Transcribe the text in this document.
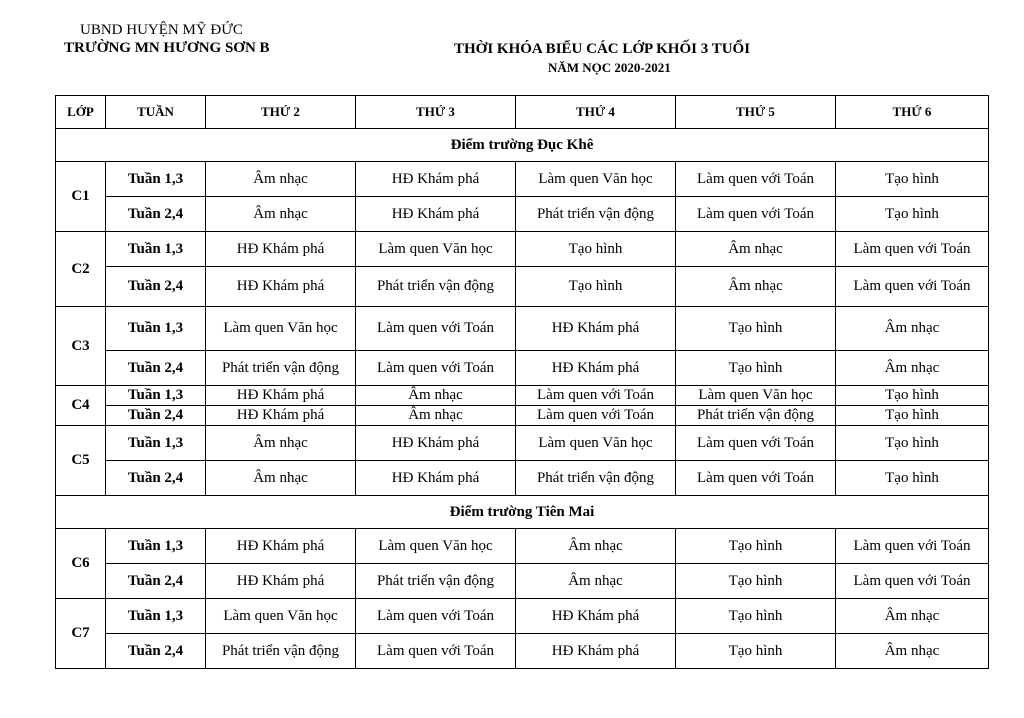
UBND HUYỆN MỸ ĐỨC
TRƯỜNG MN HƯƠNG SƠN B	THỜI KHÓA BIỂU CÁC LỚP KHỐI 3 TUỔI
NĂM NỌC 2020-2021
LỚP	TUẦN	THỨ 2	THỨ 3	THỨ 4	THỨ 5	THỨ 6
Điểm trường Đục Khê						
C1	Tuần 1,3	Âm nhạc	HĐ Khám phá	Làm quen Văn học	Làm quen với Toán	Tạo hình
	Tuần 2,4	Âm nhạc	HĐ Khám phá	Phát triển vận động	Làm quen với Toán	Tạo hình
C2	Tuần 1,3	HĐ Khám phá	Làm quen Văn học	Tạo hình	Âm nhạc	Làm quen với Toán
	Tuần 2,4	HĐ Khám phá	Phát triển vận động	Tạo hình	Âm nhạc	Làm quen với Toán
C3	Tuần 1,3	Làm quen Văn học	Làm quen với Toán	HĐ Khám phá	Tạo hình	Âm nhạc
	Tuần 2,4	Phát triển vận động	Làm quen với Toán	HĐ Khám phá	Tạo hình	Âm nhạc
C4	Tuần 1,3	HĐ Khám phá	Âm nhạc	Làm quen với Toán	Làm quen Văn học	Tạo hình
	Tuần 2,4	HĐ Khám phá	Âm nhạc	Làm quen với Toán	Phát triển vận động	Tạo hình
C5	Tuần 1,3	Âm nhạc	HĐ Khám phá	Làm quen Văn học	Làm quen với Toán	Tạo hình
	Tuần 2,4	Âm nhạc	HĐ Khám phá	Phát triển vận động	Làm quen với Toán	Tạo hình
Điểm trường Tiên Mai						
C6	Tuần 1,3	HĐ Khám phá	Làm quen Văn học	Âm nhạc	Tạo hình	Làm quen với Toán
	Tuần 2,4	HĐ Khám phá	Phát triển vận động	Âm nhạc	Tạo hình	Làm quen với Toán
C7	Tuần 1,3	Làm quen Văn học	Làm quen với Toán	HĐ Khám phá	Tạo hình	Âm nhạc
	Tuần 2,4	Phát triển vận động	Làm quen với Toán	HĐ Khám phá	Tạo hình	Âm nhạc
